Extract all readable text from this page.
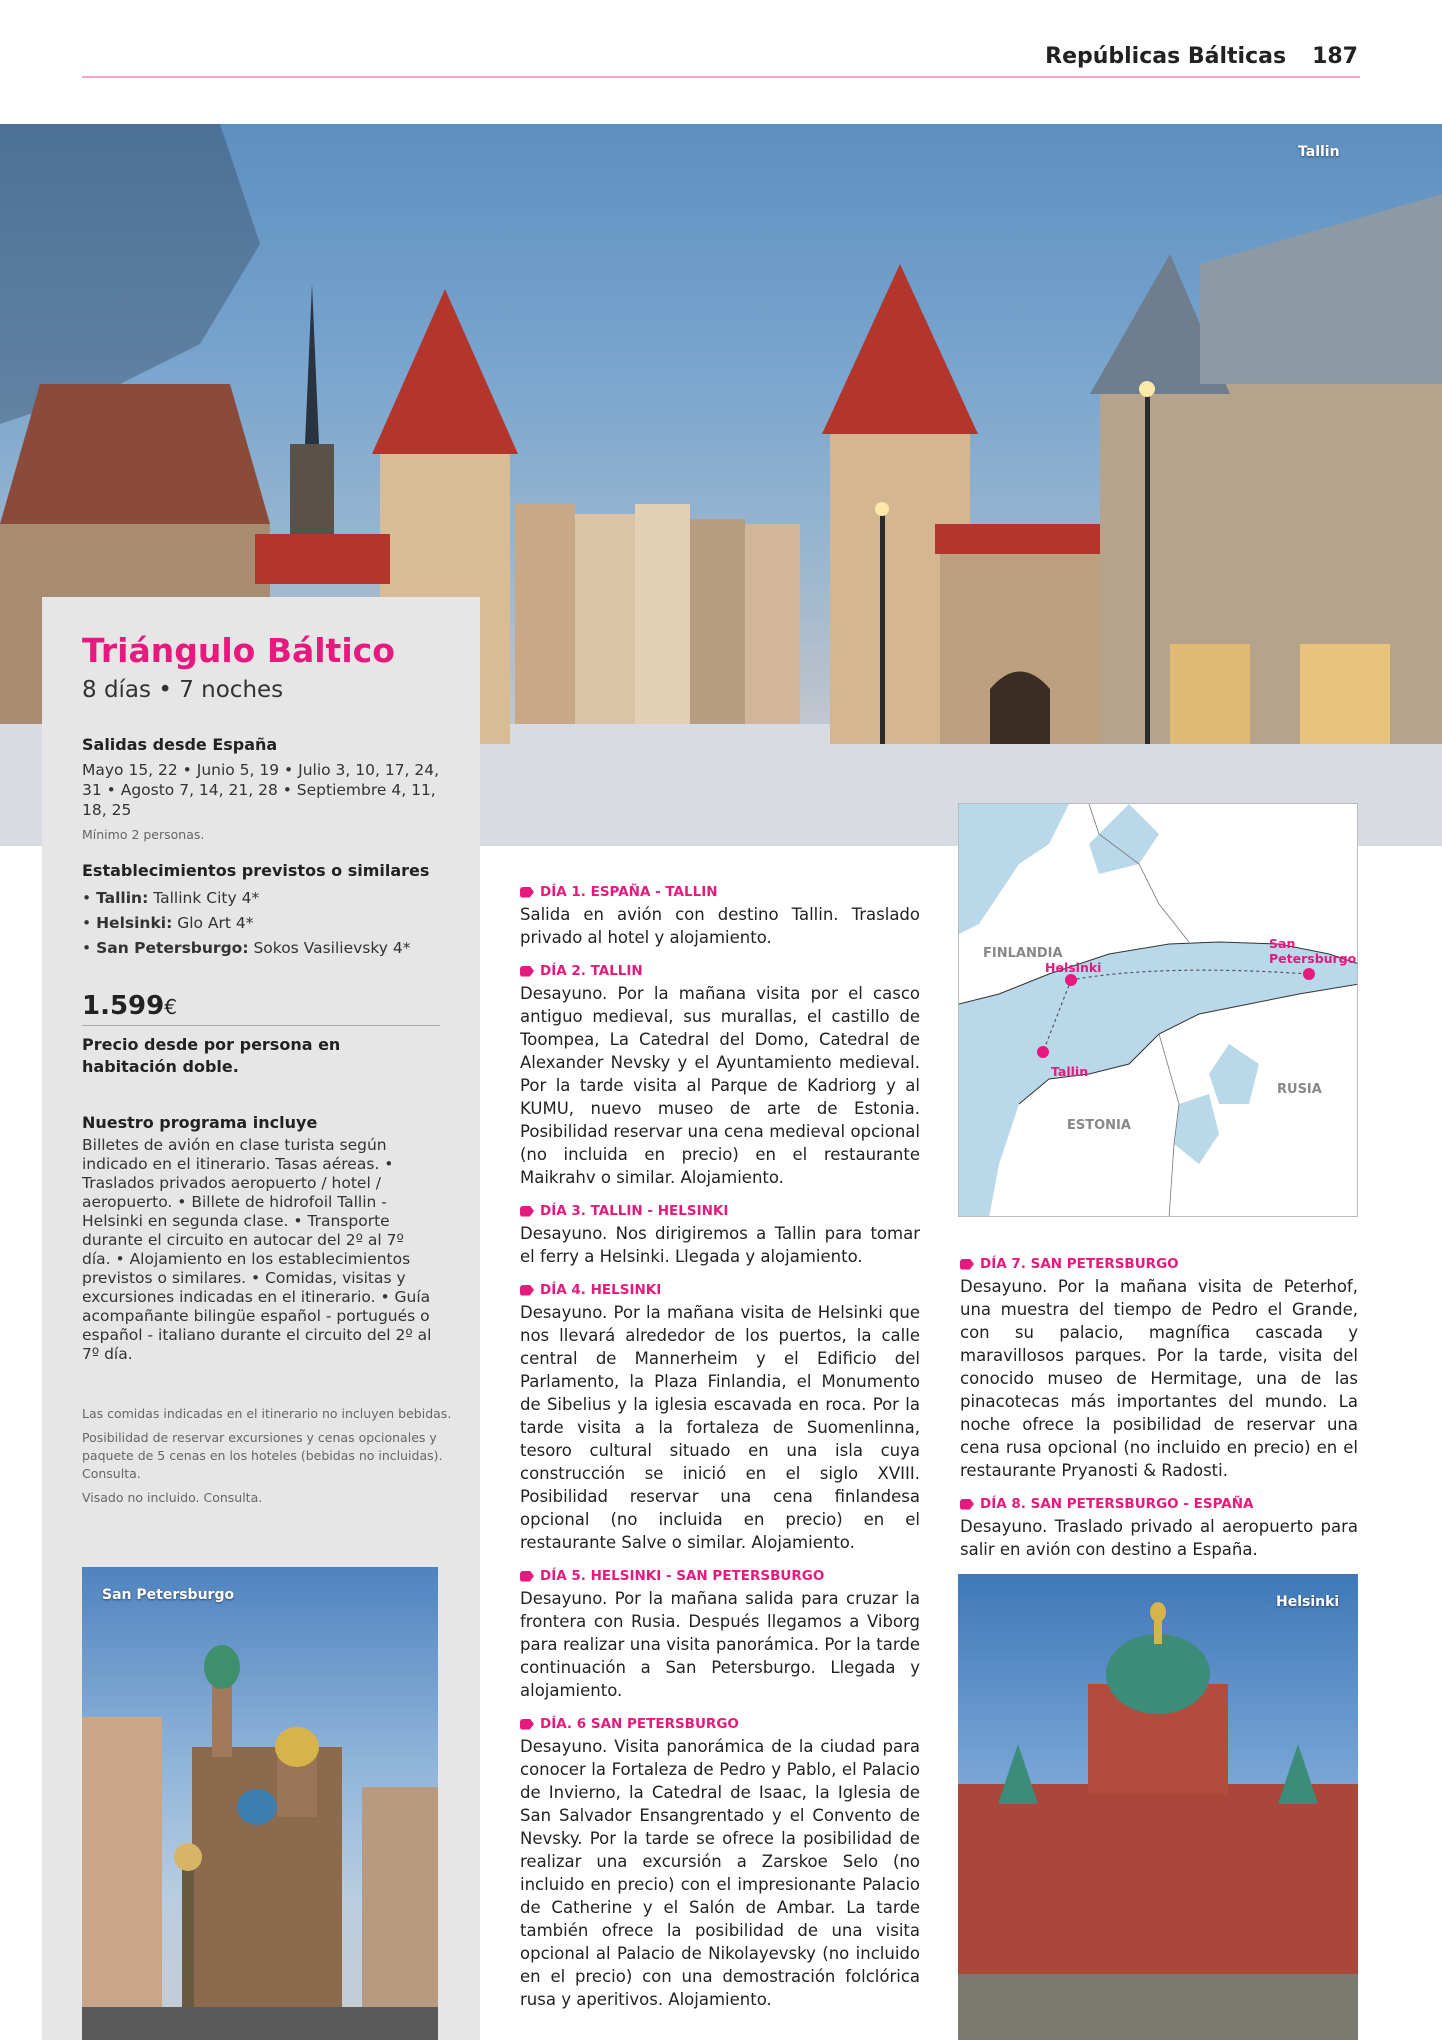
Repúblicas Bálticas 187
Tallin
Triángulo Báltico
8 días • 7 noches
Salidas desde España
Mayo 15, 22 • Junio 5, 19 • Julio 3, 10, 17, 24, 31 • Agosto 7, 14, 21, 28 • Septiembre 4, 11, 18, 25
Mínimo 2 personas.
Establecimientos previstos o similares
• Tallin: Tallink City 4*
• Helsinki: Glo Art 4*
• San Petersburgo: Sokos Vasilievsky 4*
1.599€
Precio desde por persona en habitación doble.
Nuestro programa incluye
Billetes de avión en clase turista según indicado en el itinerario. Tasas aéreas. • Traslados privados aeropuerto / hotel / aeropuerto. • Billete de hidrofoil Tallin - Helsinki en segunda clase. • Transporte durante el circuito en autocar del 2º al 7º día. • Alojamiento en los establecimientos previstos o similares. • Comidas, visitas y excursiones indicadas en el itinerario. • Guía acompañante bilingüe español - portugués o español - italiano durante el circuito del 2º al 7º día.
Las comidas indicadas en el itinerario no incluyen bebidas.
Posibilidad de reservar excursiones y cenas opcionales y paquete de 5 cenas en los hoteles (bebidas no incluidas). Consulta.
Visado no incluido. Consulta.
San Petersburgo
DÍA 1. ESPAÑA - TALLIN
Salida en avión con destino Tallin. Traslado privado al hotel y alojamiento.
DÍA 2. TALLIN
Desayuno. Por la mañana visita por el casco antiguo medieval, sus murallas, el castillo de Toompea, La Catedral del Domo, Catedral de Alexander Nevsky y el Ayuntamiento medieval. Por la tarde visita al Parque de Kadriorg y al KUMU, nuevo museo de arte de Estonia. Posibilidad reservar una cena medieval opcional (no incluida en precio) en el restaurante Maikrahv o similar. Alojamiento.
DÍA 3. TALLIN - HELSINKI
Desayuno. Nos dirigiremos a Tallin para tomar el ferry a Helsinki. Llegada y alojamiento.
DÍA 4. HELSINKI
Desayuno. Por la mañana visita de Helsinki que nos llevará alrededor de los puertos, la calle central de Mannerheim y el Edificio del Parlamento, la Plaza Finlandia, el Monumento de Sibelius y la iglesia escavada en roca. Por la tarde visita a la fortaleza de Suomenlinna, tesoro cultural situado en una isla cuya construcción se inició en el siglo XVIII. Posibilidad reservar una cena finlandesa opcional (no incluida en precio) en el restaurante Salve o similar. Alojamiento.
DÍA 5. HELSINKI - SAN PETERSBURGO
Desayuno. Por la mañana salida para cruzar la frontera con Rusia. Después llegamos a Viborg para realizar una visita panorámica. Por la tarde continuación a San Petersburgo. Llegada y alojamiento.
DÍA. 6 SAN PETERSBURGO
Desayuno. Visita panorámica de la ciudad para conocer la Fortaleza de Pedro y Pablo, el Palacio de Invierno, la Catedral de Isaac, la Iglesia de San Salvador Ensangrentado y el Convento de Nevsky. Por la tarde se ofrece la posibilidad de realizar una excursión a Zarskoe Selo (no incluido en precio) con el impresionante Palacio de Catherine y el Salón de Ambar. La tarde también ofrece la posibilidad de una visita opcional al Palacio de Nikolayevsky (no incluido en el precio) con una demostración folclórica rusa y aperitivos. Alojamiento.
FINLANDIA
ESTONIA
RUSIA
Helsinki
Tallin
San Petersburgo
DÍA 7. SAN PETERSBURGO
Desayuno. Por la mañana visita de Peterhof, una muestra del tiempo de Pedro el Grande, con su palacio, magnífica cascada y maravillosos parques. Por la tarde, visita del conocido museo de Hermitage, una de las pinacotecas más importantes del mundo. La noche ofrece la posibilidad de reservar una cena rusa opcional (no incluido en precio) en el restaurante Pryanosti & Radosti.
DÍA 8. SAN PETERSBURGO - ESPAÑA
Desayuno. Traslado privado al aeropuerto para salir en avión con destino a España.
Helsinki
